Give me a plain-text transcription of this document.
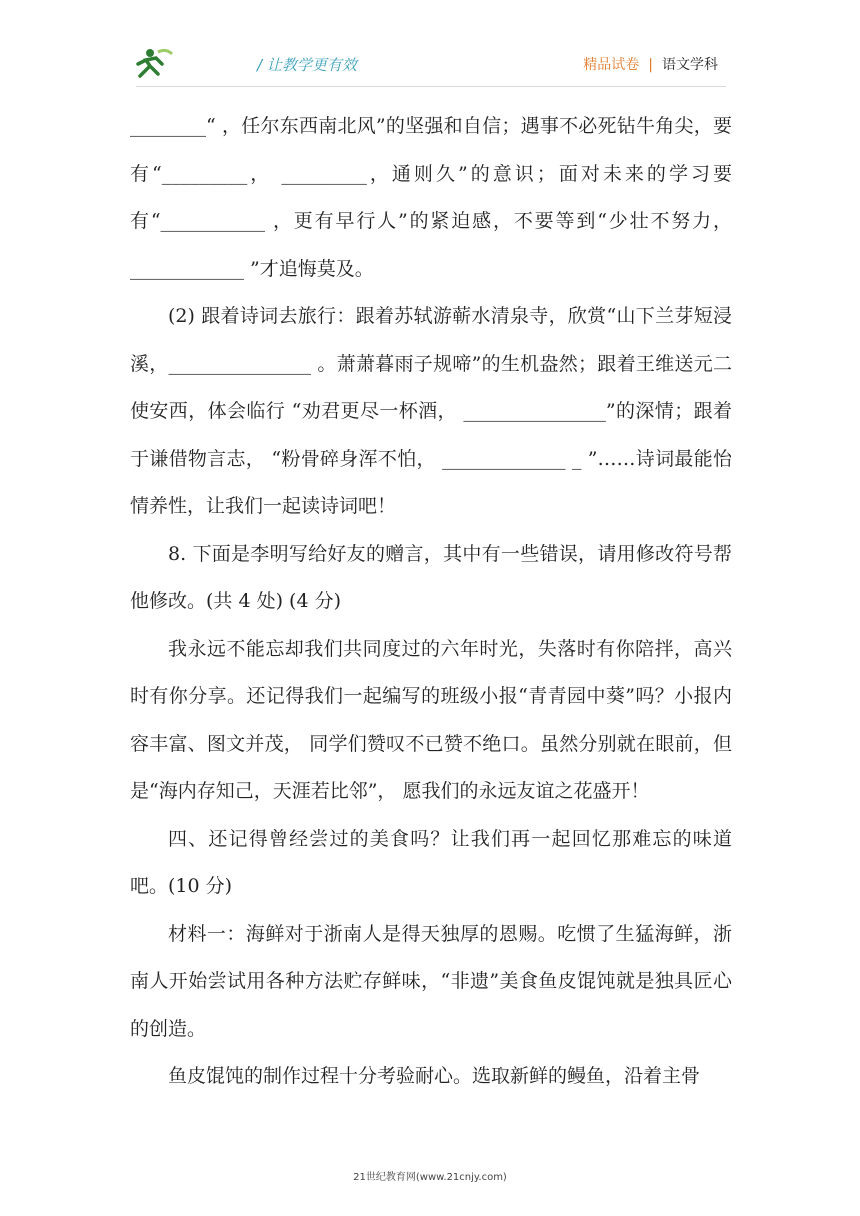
/ 让教学更有效	精品试卷 | 语文学科

________“ ，任尔东西南北风”的坚强和自信；遇事不必死钻牛角尖，要有“_________， _________，通则久”的意识；面对未来的学习要有“___________ ，更有早行人”的紧迫感，不要等到“少壮不努力，____________ ”才追悔莫及。

(2) 跟着诗词去旅行：跟着苏轼游蕲水清泉寺，欣赏“山下兰芽短浸溪，_______________ 。萧萧暮雨子规啼”的生机盎然；跟着王维送元二使安西，体会临行 “劝君更尽一杯酒， _______________”的深情；跟着于谦借物言志， “粉骨碎身浑不怕， _____________ _ ”……诗词最能怡情养性，让我们一起读诗词吧！

8. 下面是李明写给好友的赠言，其中有一些错误，请用修改符号帮他修改。(共 4 处) (4 分)

我永远不能忘却我们共同度过的六年时光，失落时有你陪拌，高兴时有你分享。还记得我们一起编写的班级小报“青青园中葵”吗？小报内容丰富、图文并茂， 同学们赞叹不已赞不绝口。虽然分别就在眼前，但是“海内存知己，天涯若比邻”， 愿我们的永远友谊之花盛开！

四、还记得曾经尝过的美食吗？让我们再一起回忆那难忘的味道吧。(10 分)

材料一：海鲜对于浙南人是得天独厚的恩赐。吃惯了生猛海鲜，浙南人开始尝试用各种方法贮存鲜味，“非遗”美食鱼皮馄饨就是独具匠心的创造。

鱼皮馄饨的制作过程十分考验耐心。选取新鲜的鳗鱼，沿着主骨

21世纪教育网(www.21cnjy.com)
